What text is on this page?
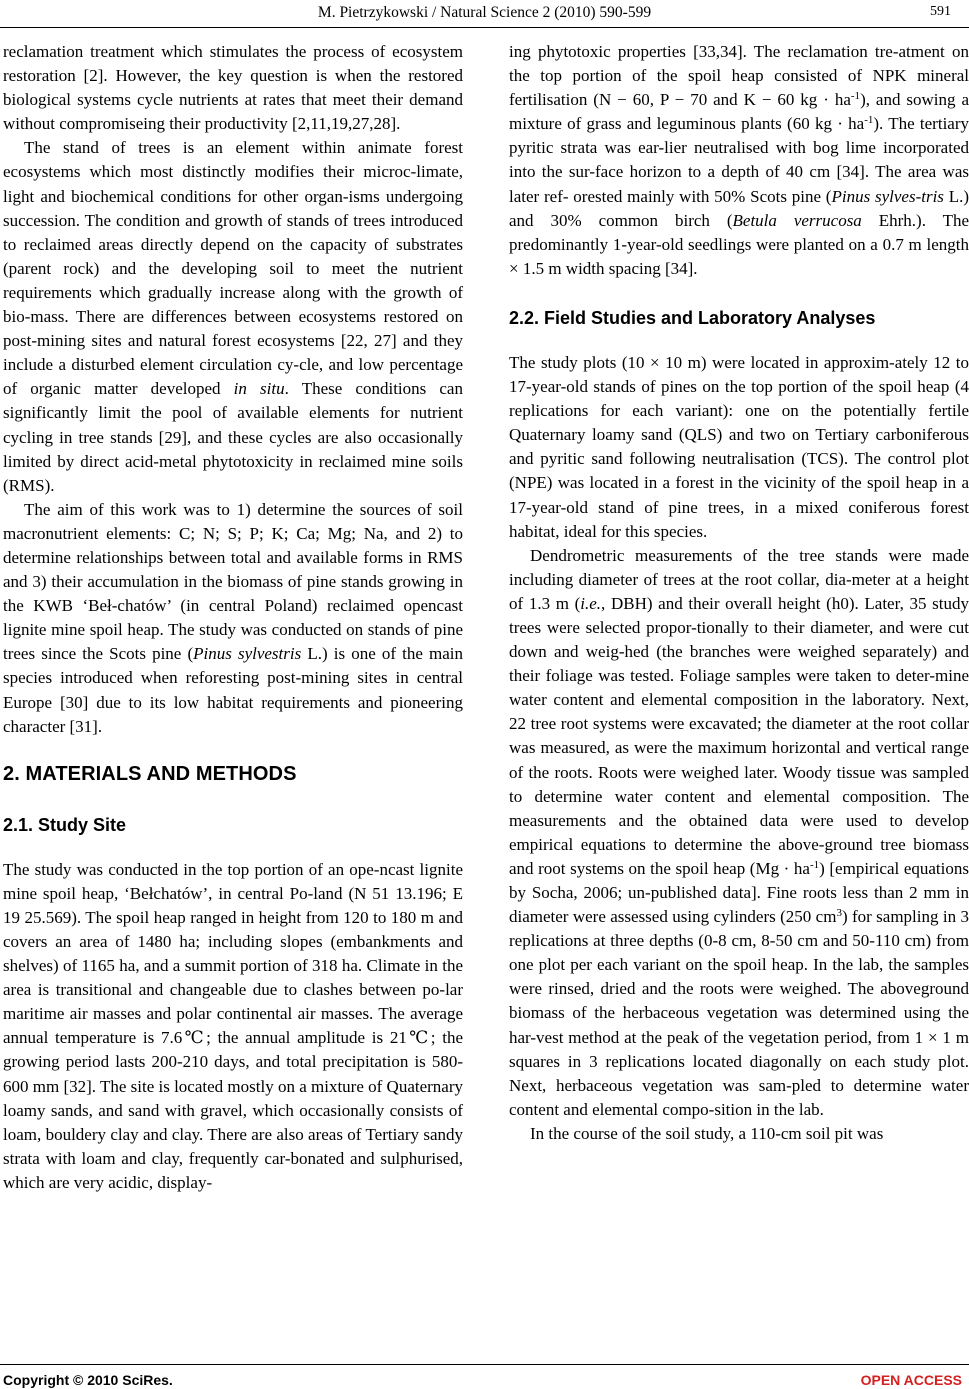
M. Pietrzykowski / Natural Science 2 (2010) 590-599	591

reclamation treatment which stimulates the process of ecosystem restoration [2]. However, the key question is when the restored biological systems cycle nutrients at rates that meet their demand without compromiseing their productivity [2,11,19,27,28].

The stand of trees is an element within animate forest ecosystems which most distinctly modifies their microc-limate, light and biochemical conditions for other organ-isms undergoing succession. The condition and growth of stands of trees introduced to reclaimed areas directly depend on the capacity of substrates (parent rock) and the developing soil to meet the nutrient requirements which gradually increase along with the growth of bio-mass. There are differences between ecosystems restored on post-mining sites and natural forest ecosystems [22, 27] and they include a disturbed element circulation cy-cle, and low percentage of organic matter developed in situ. These conditions can significantly limit the pool of available elements for nutrient cycling in tree stands [29], and these cycles are also occasionally limited by direct acid-metal phytotoxicity in reclaimed mine soils (RMS).

The aim of this work was to 1) determine the sources of soil macronutrient elements: C; N; S; P; K; Ca; Mg; Na, and 2) to determine relationships between total and available forms in RMS and 3) their accumulation in the biomass of pine stands growing in the KWB ‘Beł-chatów’ (in central Poland) reclaimed opencast lignite mine spoil heap. The study was conducted on stands of pine trees since the Scots pine (Pinus sylvestris L.) is one of the main species introduced when reforesting post-mining sites in central Europe [30] due to its low habitat requirements and pioneering character [31].

2. MATERIALS AND METHODS
2.1. Study Site

The study was conducted in the top portion of an ope-ncast lignite mine spoil heap, ‘Bełchatów’, in central Po-land (N 51 13.196; E 19 25.569). The spoil heap ranged in height from 120 to 180 m and covers an area of 1480 ha; including slopes (embankments and shelves) of 1165 ha, and a summit portion of 318 ha. Climate in the area is transitional and changeable due to clashes between po-lar maritime air masses and polar continental air masses. The average annual temperature is 7.6℃; the annual amplitude is 21℃; the growing period lasts 200-210 days, and total precipitation is 580-600 mm [32]. The site is located mostly on a mixture of Quaternary loamy sands, and sand with gravel, which occasionally consists of loam, bouldery clay and clay. There are also areas of Tertiary sandy strata with loam and clay, frequently car-bonated and sulphurised, which are very acidic, display-

ing phytotoxic properties [33,34]. The reclamation tre-atment on the top portion of the spoil heap consisted of NPK mineral fertilisation (N − 60, P − 70 and K − 60 kg · $ha^{-1}$), and sowing a mixture of grass and leguminous plants (60 kg · $ha^{-1}$). The tertiary pyritic strata was ear-lier neutralised with bog lime incorporated into the sur-face horizon to a depth of 40 cm [34]. The area was later ref- orested mainly with 50% Scots pine (Pinus sylves-tris L.) and 30% common birch (Betula verrucosa Ehrh.). The predominantly 1-year-old seedlings were planted on a 0.7 m length × 1.5 m width spacing [34].

2.2. Field Studies and Laboratory Analyses

The study plots (10 × 10 m) were located in approxim-ately 12 to 17-year-old stands of pines on the top portion of the spoil heap (4 replications for each variant): one on the potentially fertile Quaternary loamy sand (QLS) and two on Tertiary carboniferous and pyritic sand following neutralisation (TCS). The control plot (NPE) was located in a forest in the vicinity of the spoil heap in a 17-year-old stand of pine trees, in a mixed coniferous forest habitat, ideal for this species.

Dendrometric measurements of the tree stands were made including diameter of trees at the root collar, dia-meter at a height of 1.3 m (i.e., DBH) and their overall height (h0). Later, 35 study trees were selected propor-tionally to their diameter, and were cut down and weig-hed (the branches were weighed separately) and their foliage was tested. Foliage samples were taken to deter-mine water content and elemental composition in the laboratory. Next, 22 tree root systems were excavated; the diameter at the root collar was measured, as were the maximum horizontal and vertical range of the roots. Roots were weighed later. Woody tissue was sampled to determine water content and elemental composition. The measurements and the obtained data were used to develop empirical equations to determine the above-ground tree biomass and root systems on the spoil heap $(Mg \cdot ha^{-1})$ [empirical equations by Socha, 2006; un-published data]. Fine roots less than 2 mm in diameter were assessed using cylinders (250 $cm^3$) for sampling in 3 replications at three depths (0-8 cm, 8-50 cm and 50-110 cm) from one plot per each variant on the spoil heap. In the lab, the samples were rinsed, dried and the roots were weighed. The aboveground biomass of the herbaceous vegetation was determined using the har-vest method at the peak of the vegetation period, from 1 × 1 m squares in 3 replications located diagonally on each study plot. Next, herbaceous vegetation was sam-pled to determine water content and elemental compo-sition in the lab.

In the course of the soil study, a 110-cm soil pit was

Copyright © 2010 SciRes.	OPEN ACCESS
